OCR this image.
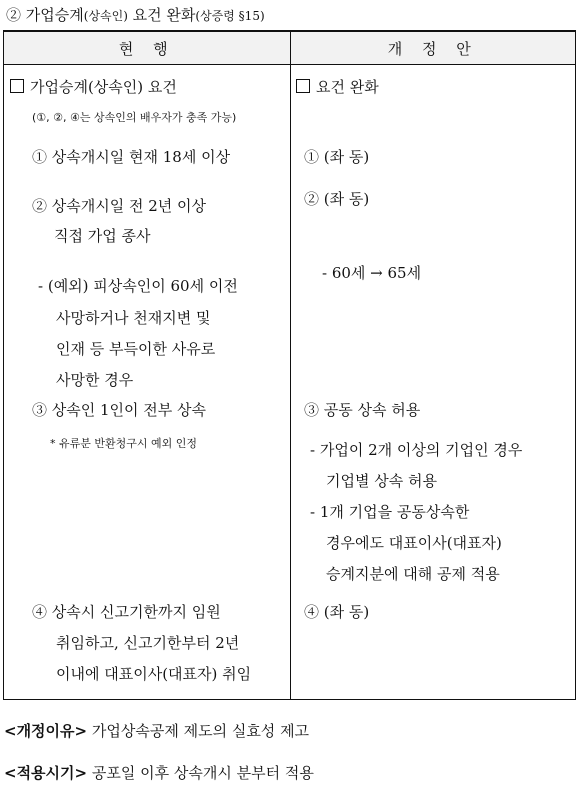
② 가업승계(상속인) 요건 완화(상증령 §15)
현 행	개 정 안
가업승계(상속인) 요건
(①, ②, ④는 상속인의 배우자가 충족 가능)
① 상속개시일 현재 18세 이상
② 상속개시일 전 2년 이상
직접 가업 종사
- (예외) 피상속인이 60세 이전
사망하거나 천재지변 및
인재 등 부득이한 사유로
사망한 경우
③ 상속인 1인이 전부 상속
* 유류분 반환청구시 예외 인정
④ 상속시 신고기한까지 임원
취임하고, 신고기한부터 2년
이내에 대표이사(대표자) 취임
요건 완화
① (좌 동)
② (좌 동)
- 60세 → 65세
③ 공동 상속 허용
- 가업이 2개 이상의 기업인 경우
기업별 상속 허용
- 1개 기업을 공동상속한
경우에도 대표이사(대표자)
승계지분에 대해 공제 적용
④ (좌 동)
<개정이유> 가업상속공제 제도의 실효성 제고
<적용시기> 공포일 이후 상속개시 분부터 적용
